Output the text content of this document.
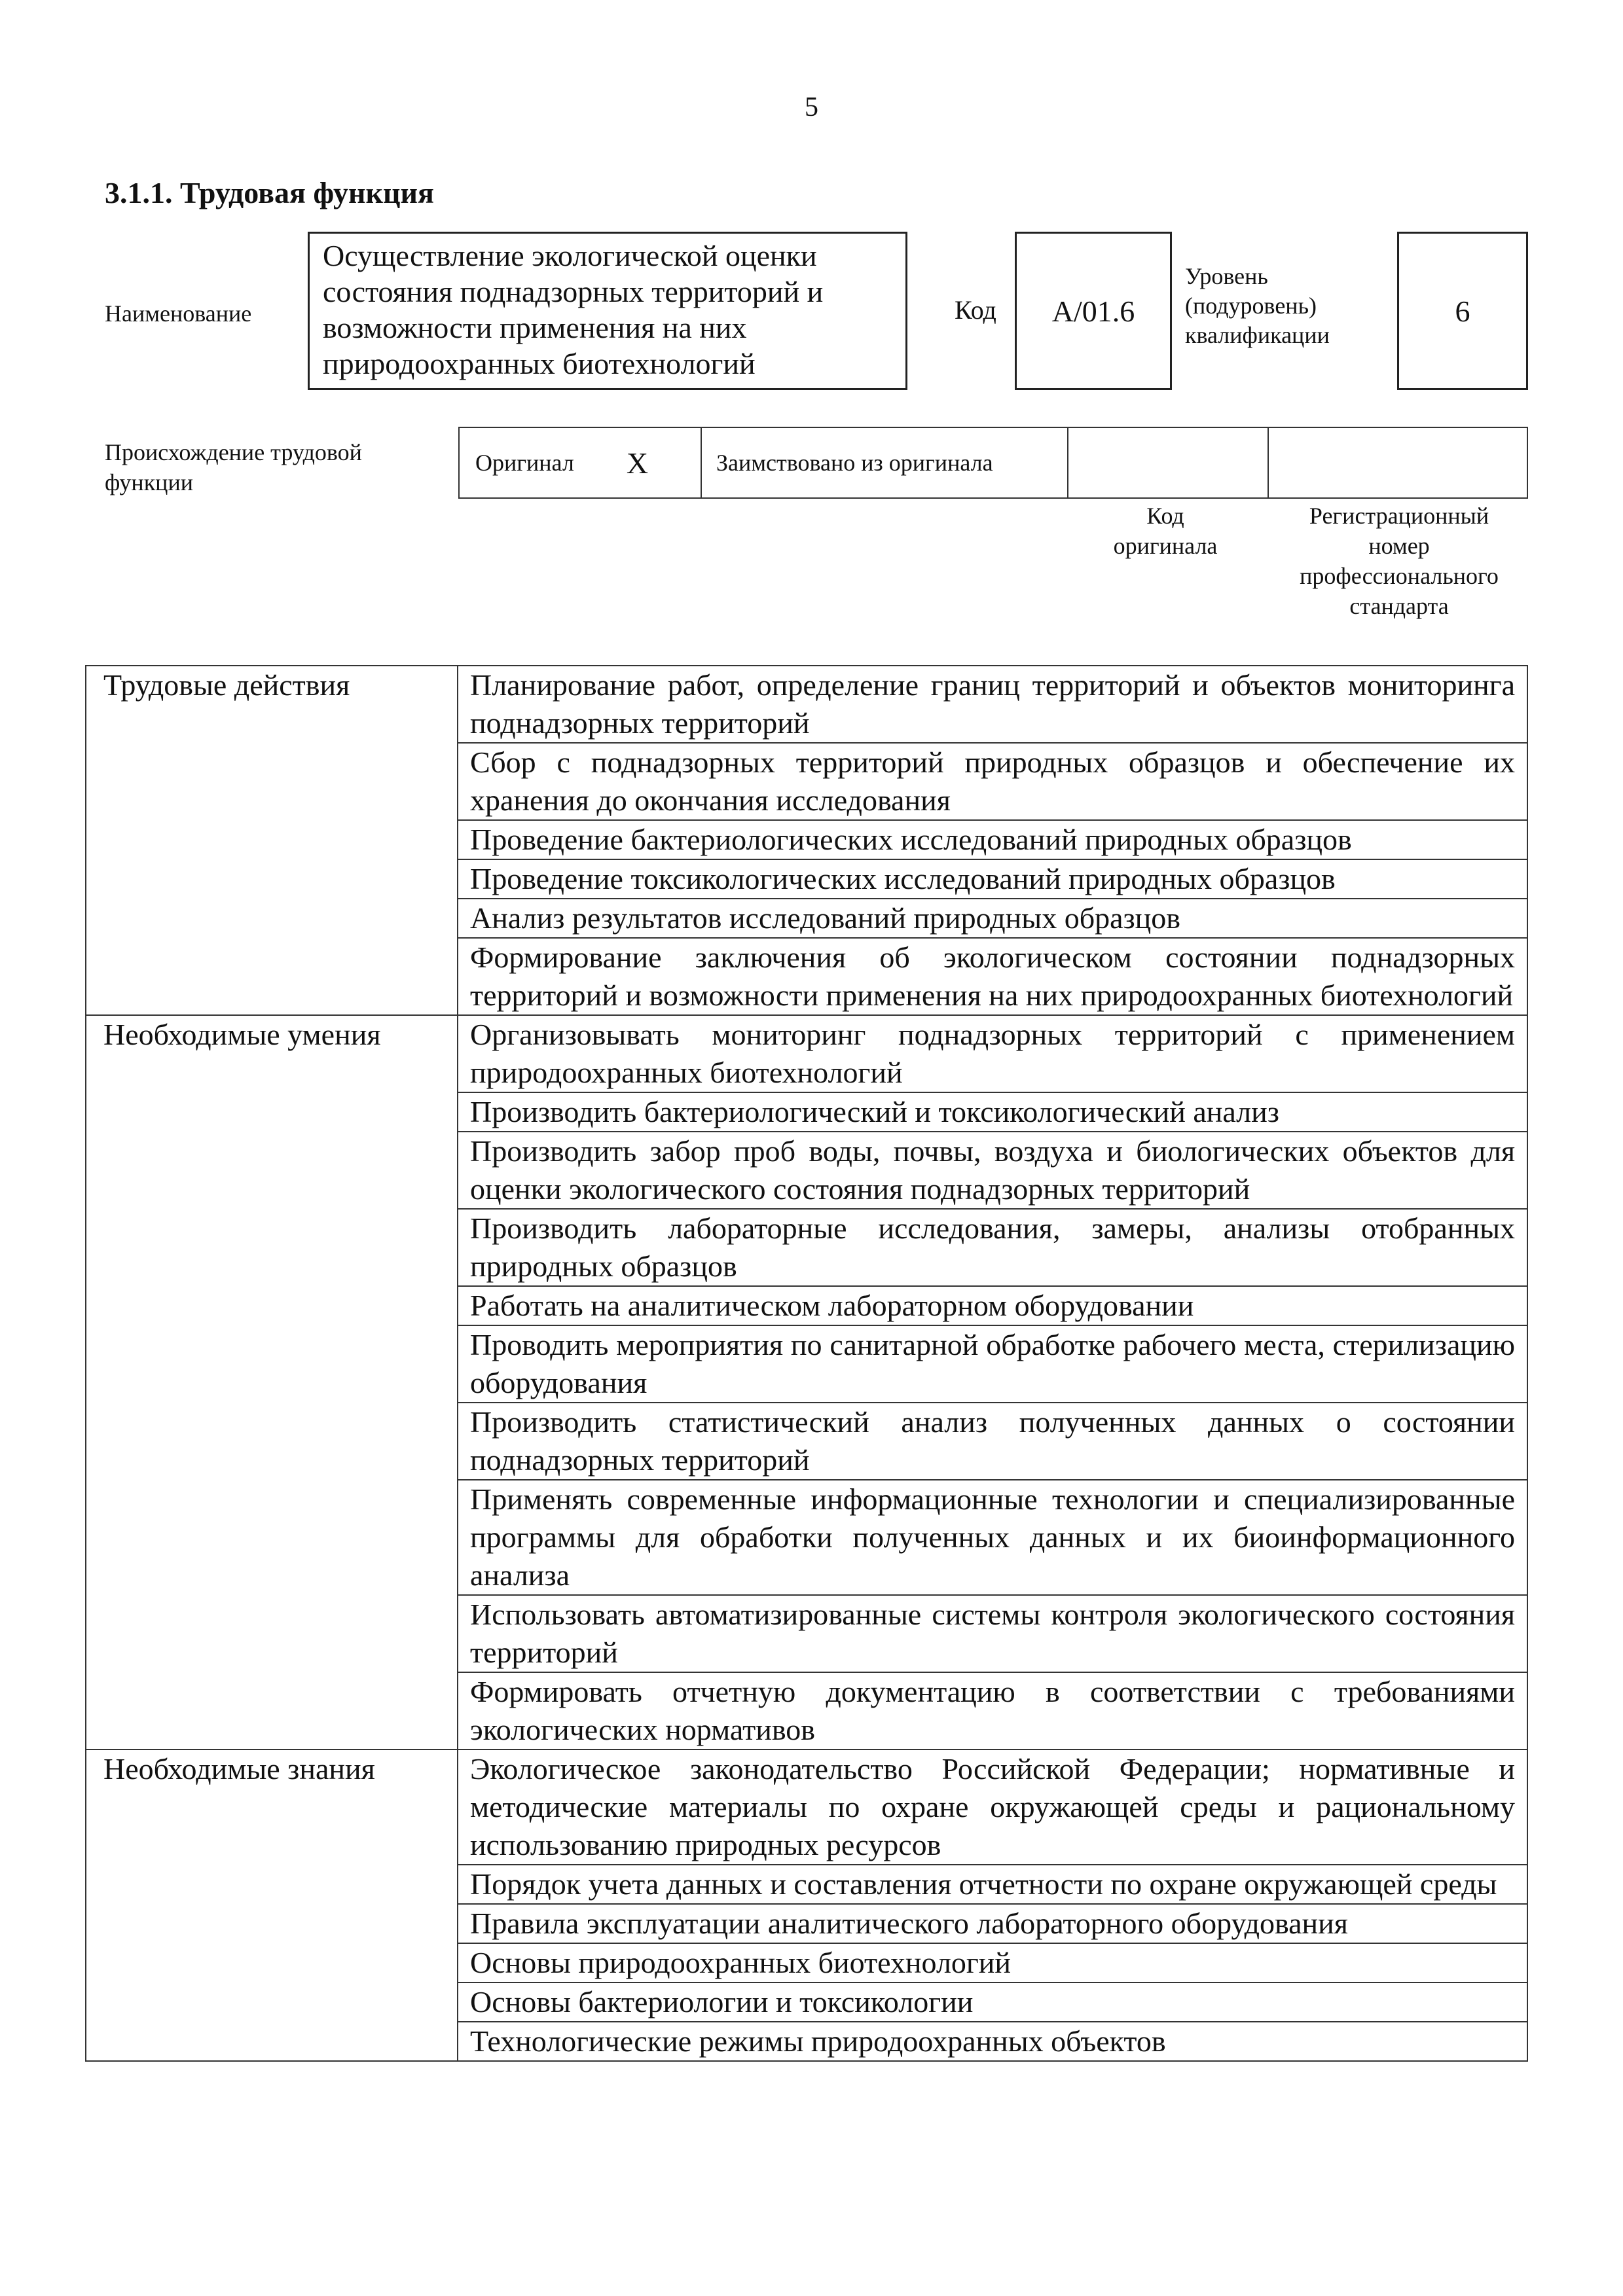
5
3.1.1. Трудовая функция
Наименование
Осуществление экологической оценки
состояния поднадзорных территорий и
возможности применения на них
природоохранных биотехнологий
Код	А/01.6
Уровень
(подуровень)
квалификации
6
Происхождение трудовой
функции
Оригинал X	Заимствовано из оригинала
Код
оригинала
Регистрационный
номер
профессионального
стандарта
Трудовые действия	Планирование работ, определение границ территорий и объектов мониторинга поднадзорных территорий
	Сбор с поднадзорных территорий природных образцов и обеспечение их хранения до окончания исследования
	Проведение бактериологических исследований природных образцов
	Проведение токсикологических исследований природных образцов
	Анализ результатов исследований природных образцов
	Формирование заключения об экологическом состоянии поднадзорных территорий и возможности применения на них природоохранных биотехнологий
Необходимые умения	Организовывать мониторинг поднадзорных территорий с применением природоохранных биотехнологий
	Производить бактериологический и токсикологический анализ
	Производить забор проб воды, почвы, воздуха и биологических объектов для оценки экологического состояния поднадзорных территорий
	Производить лабораторные исследования, замеры, анализы отобранных природных образцов
	Работать на аналитическом лабораторном оборудовании
	Проводить мероприятия по санитарной обработке рабочего места, стерилизацию оборудования
	Производить статистический анализ полученных данных о состоянии поднадзорных территорий
	Применять современные информационные технологии и специализированные программы для обработки полученных данных и их биоинформационного анализа
	Использовать автоматизированные системы контроля экологического состояния территорий
	Формировать отчетную документацию в соответствии с требованиями экологических нормативов
Необходимые знания	Экологическое законодательство Российской Федерации; нормативные и методические материалы по охране окружающей среды и рациональному использованию природных ресурсов
	Порядок учета данных и составления отчетности по охране окружающей среды
	Правила эксплуатации аналитического лабораторного оборудования
	Основы природоохранных биотехнологий
	Основы бактериологии и токсикологии
	Технологические режимы природоохранных объектов
